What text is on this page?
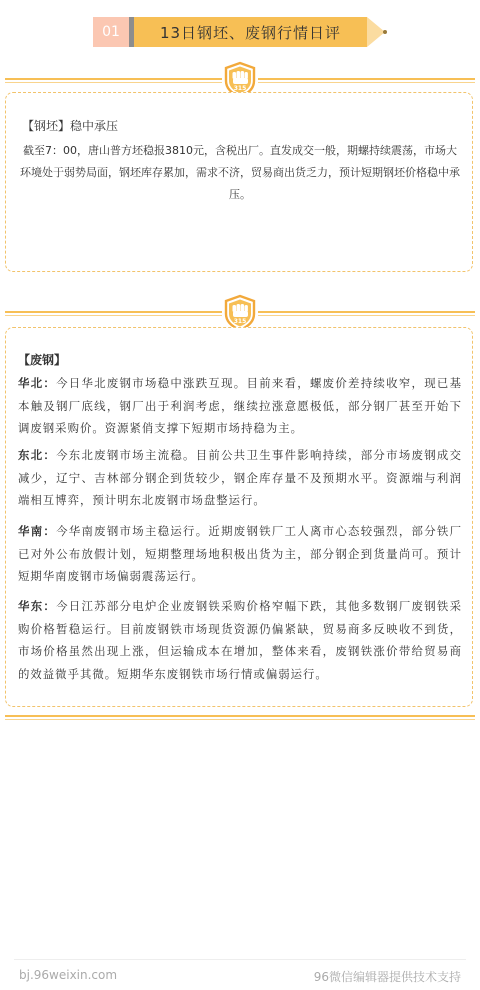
01	13日钢坯、废钢行情日评
315
【钢坯】稳中承压
截至7：00，唐山普方坯稳报3810元，含税出厂。直发成交一般，期螺持续震荡，市场大环境处于弱势局面，钢坯库存累加，需求不济，贸易商出货乏力，预计短期钢坯价格稳中承压。
315
【废钢】
华北：今日华北废钢市场稳中涨跌互现。目前来看，螺废价差持续收窄，现已基本触及钢厂底线，钢厂出于利润考虑，继续拉涨意愿极低，部分钢厂甚至开始下调废钢采购价。资源紧俏支撑下短期市场持稳为主。
东北：今东北废钢市场主流稳。目前公共卫生事件影响持续，部分市场废钢成交减少，辽宁、吉林部分钢企到货较少，钢企库存量不及预期水平。资源端与利润端相互博弈，预计明东北废钢市场盘整运行。
华南：今华南废钢市场主稳运行。近期废钢铁厂工人离市心态较强烈，部分铁厂已对外公布放假计划，短期整理场地积极出货为主，部分钢企到货量尚可。预计短期华南废钢市场偏弱震荡运行。
华东：今日江苏部分电炉企业废钢铁采购价格窄幅下跌，其他多数钢厂废钢铁采购价格暂稳运行。目前废钢铁市场现货资源仍偏紧缺，贸易商多反映收不到货，市场价格虽然出现上涨，但运输成本在增加，整体来看，废钢铁涨价带给贸易商的效益微乎其微。短期华东废钢铁市场行情或偏弱运行。
bj.96weixin.com	96微信编辑器提供技术支持
